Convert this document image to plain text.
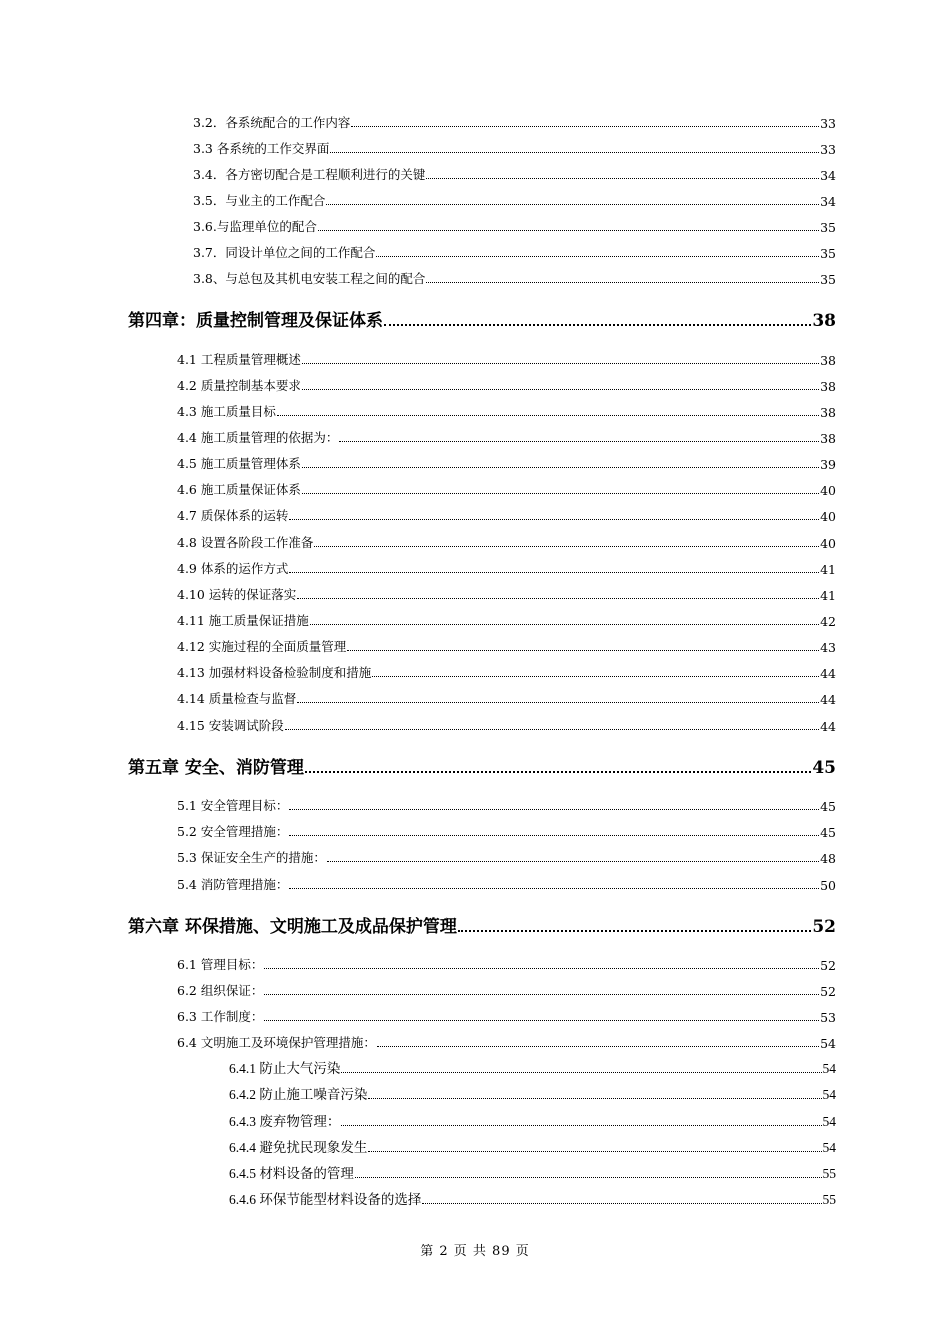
3.2．各系统配合的工作内容	33
3.3 各系统的工作交界面	33
3.4．各方密切配合是工程顺利进行的关键	34
3.5．与业主的工作配合	34
3.6.与监理单位的配合	35
3.7．同设计单位之间的工作配合	35
3.8、与总包及其机电安装工程之间的配合	35
第四章：质量控制管理及保证体系	38
4.1 工程质量管理概述	38
4.2 质量控制基本要求	38
4.3 施工质量目标	38
4.4 施工质量管理的依据为：	38
4.5 施工质量管理体系	39
4.6 施工质量保证体系	40
4.7 质保体系的运转	40
4.8 设置各阶段工作准备	40
4.9 体系的运作方式	41
4.10 运转的保证落实	41
4.11 施工质量保证措施	42
4.12 实施过程的全面质量管理	43
4.13 加强材料设备检验制度和措施	44
4.14 质量检查与监督	44
4.15 安装调试阶段	44
第五章 安全、消防管理	45
5.1 安全管理目标：	45
5.2 安全管理措施：	45
5.3 保证安全生产的措施：	48
5.4 消防管理措施：	50
第六章 环保措施、文明施工及成品保护管理	52
6.1 管理目标：	52
6.2 组织保证：	52
6.3 工作制度：	53
6.4 文明施工及环境保护管理措施：	54
6.4.1 防止大气污染	54
6.4.2 防止施工噪音污染	54
6.4.3 废弃物管理：	54
6.4.4 避免扰民现象发生	54
6.4.5 材料设备的管理	55
6.4.6 环保节能型材料设备的选择	55
第 2 页 共 89 页
